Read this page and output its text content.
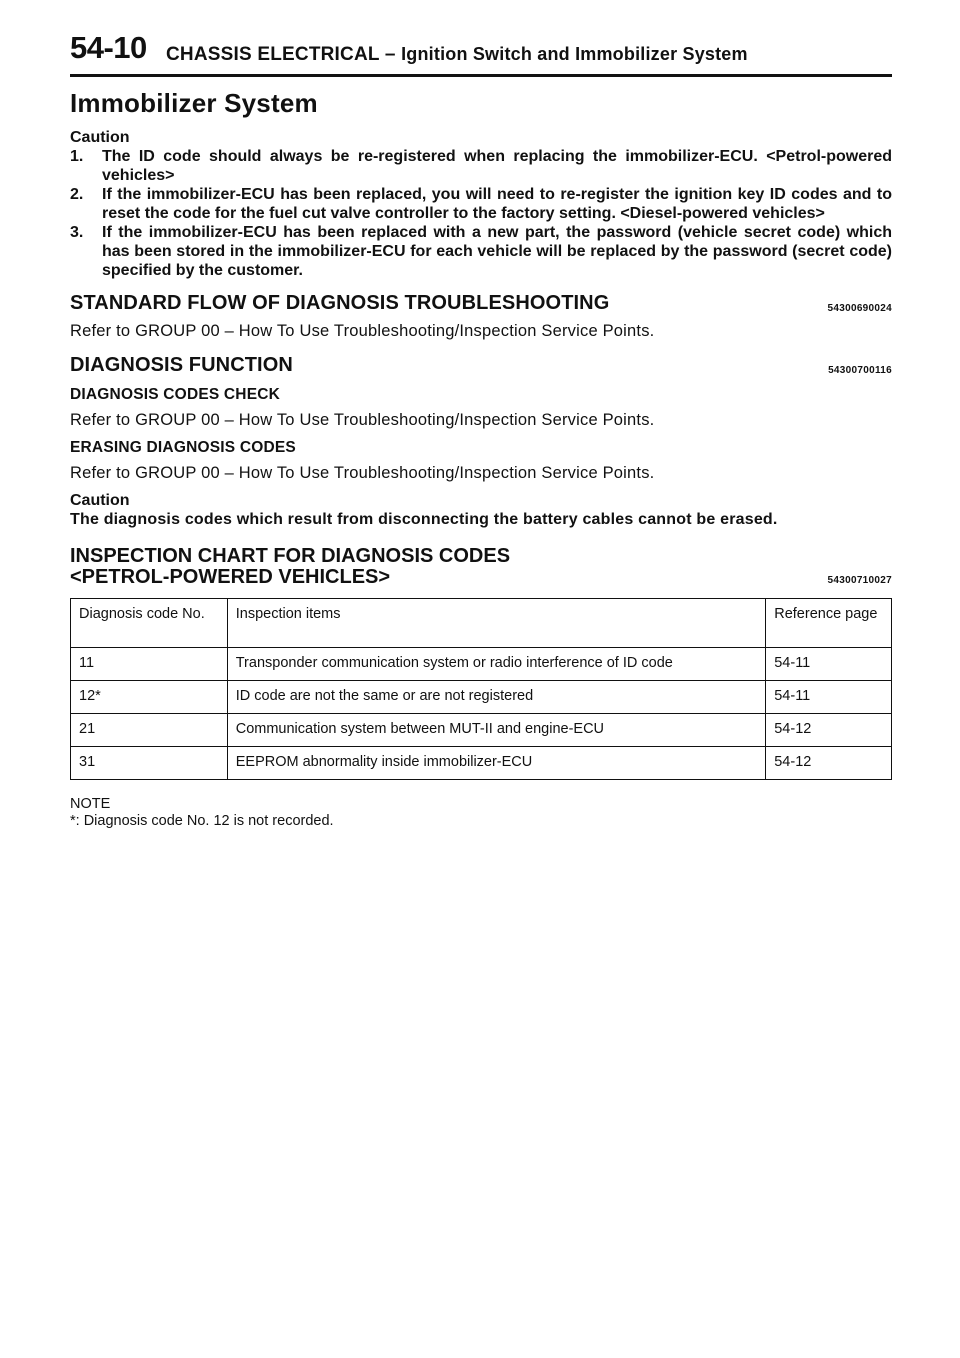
54-10 CHASSIS ELECTRICAL – Ignition Switch and Immobilizer System
Immobilizer System
Caution
1. The ID code should always be re-registered when replacing the immobilizer-ECU. <Petrol-powered vehicles>
2. If the immobilizer-ECU has been replaced, you will need to re-register the ignition key ID codes and to reset the code for the fuel cut valve controller to the factory setting. <Diesel-powered vehicles>
3. If the immobilizer-ECU has been replaced with a new part, the password (vehicle secret code) which has been stored in the immobilizer-ECU for each vehicle will be replaced by the password (secret code) specified by the customer.
STANDARD FLOW OF DIAGNOSIS TROUBLESHOOTING	54300690024

Refer to GROUP 00 – How To Use Troubleshooting/Inspection Service Points.

DIAGNOSIS FUNCTION	54300700116
DIAGNOSIS CODES CHECK

Refer to GROUP 00 – How To Use Troubleshooting/Inspection Service Points.

ERASING DIAGNOSIS CODES

Refer to GROUP 00 – How To Use Troubleshooting/Inspection Service Points.

Caution
The diagnosis codes which result from disconnecting the battery cables cannot be erased.
INSPECTION CHART FOR DIAGNOSIS CODES
<PETROL-POWERED VEHICLES>	54300710027
Diagnosis code No.	Inspection items	Reference page
11	Transponder communication system or radio interference of ID code	54-11
12*	ID code are not the same or are not registered	54-11
21	Communication system between MUT-II and engine-ECU	54-12
31	EEPROM abnormality inside immobilizer-ECU	54-12
NOTE
*: Diagnosis code No. 12 is not recorded.
